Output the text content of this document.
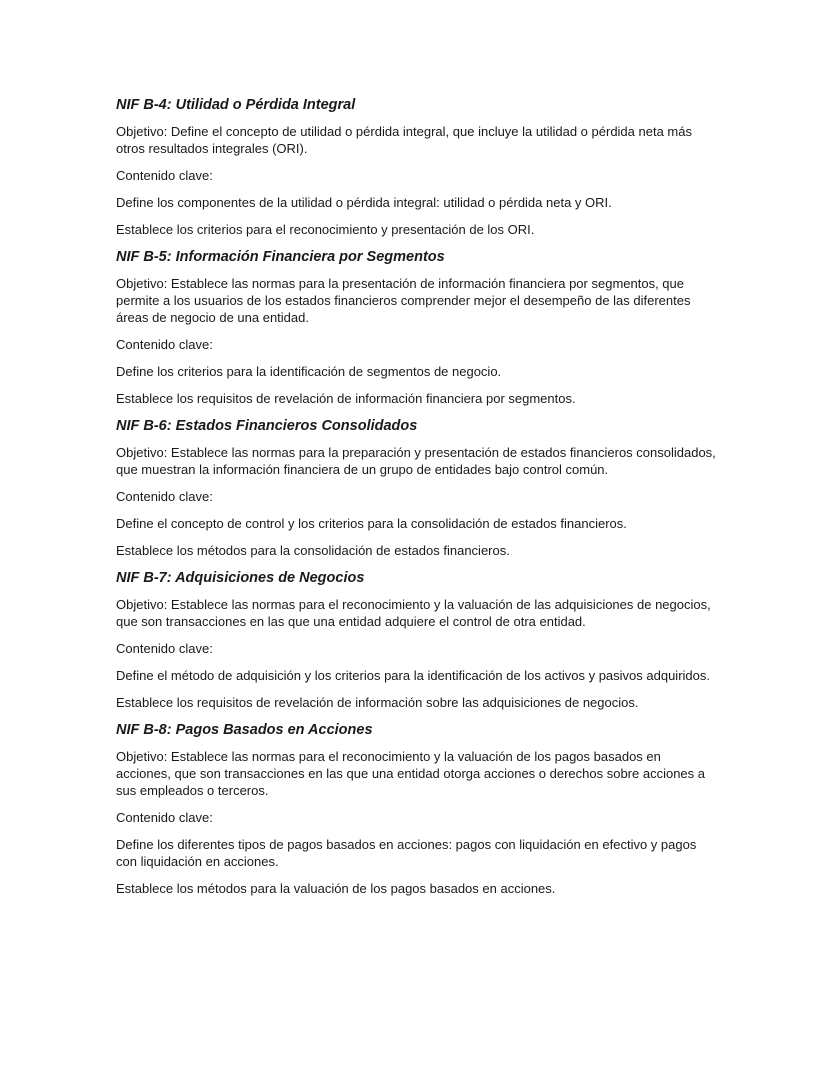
NIF B-4: Utilidad o Pérdida Integral

Objetivo: Define el concepto de utilidad o pérdida integral, que incluye la utilidad o pérdida neta más otros resultados integrales (ORI).

Contenido clave:

Define los componentes de la utilidad o pérdida integral: utilidad o pérdida neta y ORI.

Establece los criterios para el reconocimiento y presentación de los ORI.

NIF B-5: Información Financiera por Segmentos

Objetivo: Establece las normas para la presentación de información financiera por segmentos, que permite a los usuarios de los estados financieros comprender mejor el desempeño de las diferentes áreas de negocio de una entidad.

Contenido clave:

Define los criterios para la identificación de segmentos de negocio.

Establece los requisitos de revelación de información financiera por segmentos.

NIF B-6: Estados Financieros Consolidados

Objetivo: Establece las normas para la preparación y presentación de estados financieros consolidados, que muestran la información financiera de un grupo de entidades bajo control común.

Contenido clave:

Define el concepto de control y los criterios para la consolidación de estados financieros.

Establece los métodos para la consolidación de estados financieros.

NIF B-7: Adquisiciones de Negocios

Objetivo: Establece las normas para el reconocimiento y la valuación de las adquisiciones de negocios, que son transacciones en las que una entidad adquiere el control de otra entidad.

Contenido clave:

Define el método de adquisición y los criterios para la identificación de los activos y pasivos adquiridos.

Establece los requisitos de revelación de información sobre las adquisiciones de negocios.

NIF B-8: Pagos Basados en Acciones

Objetivo: Establece las normas para el reconocimiento y la valuación de los pagos basados en acciones, que son transacciones en las que una entidad otorga acciones o derechos sobre acciones a sus empleados o terceros.

Contenido clave:

Define los diferentes tipos de pagos basados en acciones: pagos con liquidación en efectivo y pagos con liquidación en acciones.

Establece los métodos para la valuación de los pagos basados en acciones.
